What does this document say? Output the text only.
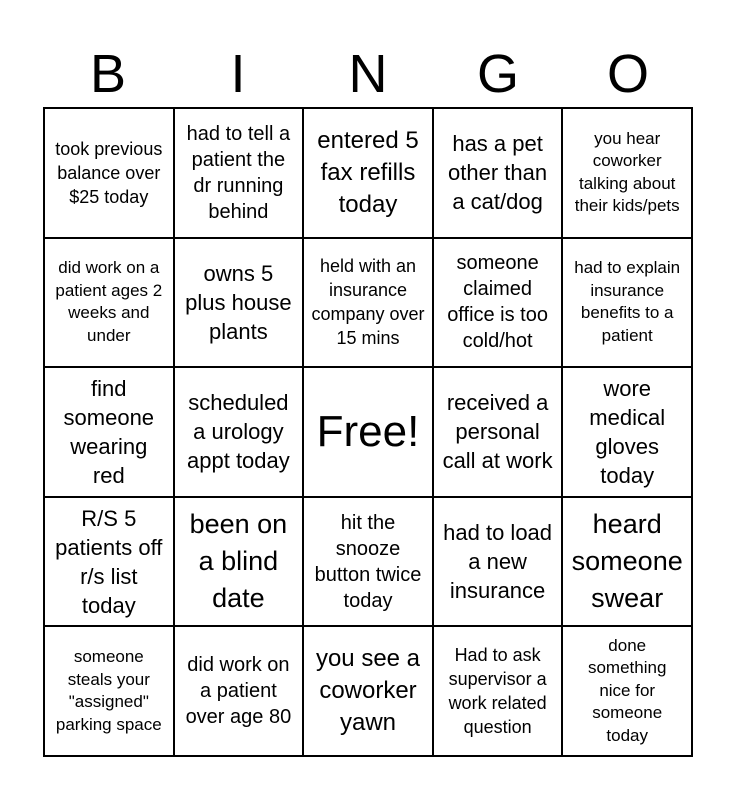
B	I	N	G	O
took previous balance over $25 today
had to tell a patient the dr running behind
entered 5 fax refills today
has a pet other than a cat/dog
you hear coworker talking about their kids/pets
did work on a patient ages 2 weeks and under
owns 5 plus house plants
held with an insurance company over 15 mins
someone claimed office is too cold/hot
had to explain insurance benefits to a patient
find someone wearing red
scheduled a urology appt today
Free!
received a personal call at work
wore medical gloves today
R/S 5 patients off r/s list today
been on a blind date
hit the snooze button twice today
had to load a new insurance
heard someone swear
someone steals your "assigned" parking space
did work on a patient over age 80
you see a coworker yawn
Had to ask supervisor a work related question
done something nice for someone today
